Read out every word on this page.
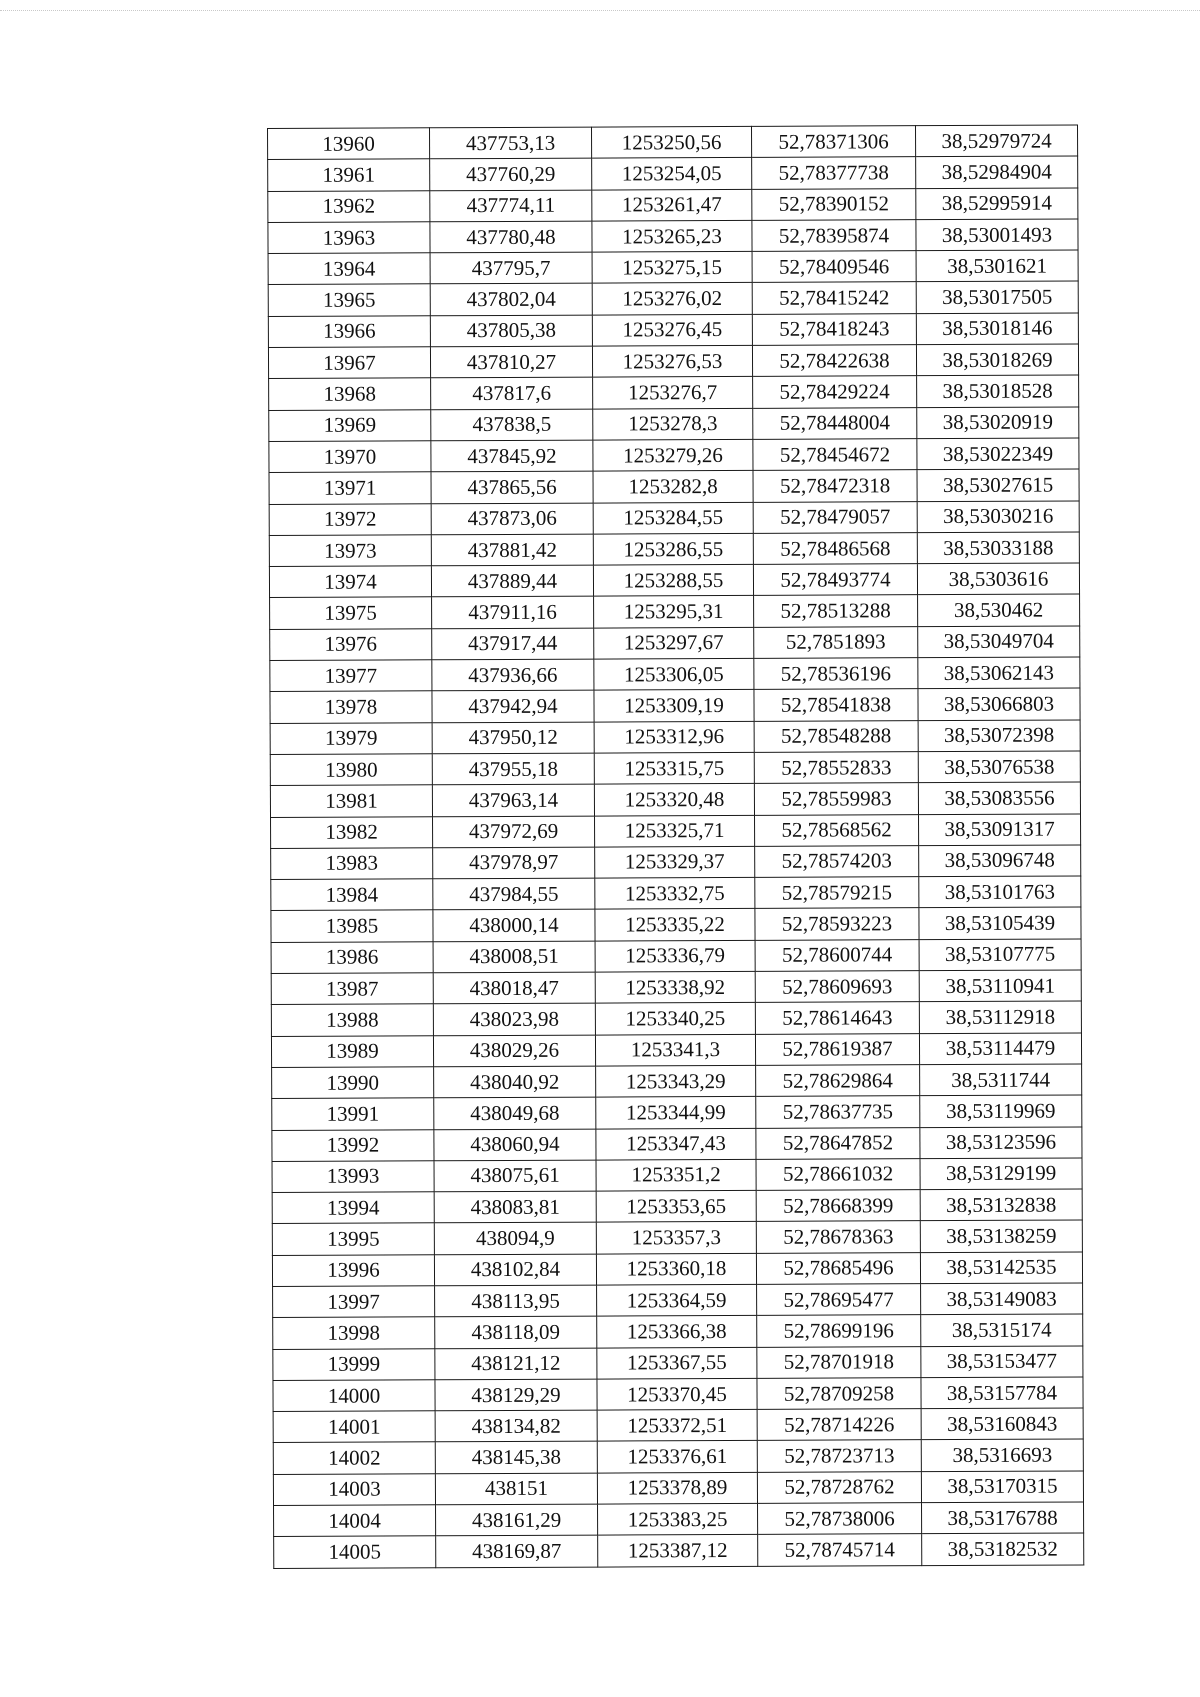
13960	437753,13	1253250,56	52,78371306	38,52979724
13961	437760,29	1253254,05	52,78377738	38,52984904
13962	437774,11	1253261,47	52,78390152	38,52995914
13963	437780,48	1253265,23	52,78395874	38,53001493
13964	437795,7	1253275,15	52,78409546	38,5301621
13965	437802,04	1253276,02	52,78415242	38,53017505
13966	437805,38	1253276,45	52,78418243	38,53018146
13967	437810,27	1253276,53	52,78422638	38,53018269
13968	437817,6	1253276,7	52,78429224	38,53018528
13969	437838,5	1253278,3	52,78448004	38,53020919
13970	437845,92	1253279,26	52,78454672	38,53022349
13971	437865,56	1253282,8	52,78472318	38,53027615
13972	437873,06	1253284,55	52,78479057	38,53030216
13973	437881,42	1253286,55	52,78486568	38,53033188
13974	437889,44	1253288,55	52,78493774	38,5303616
13975	437911,16	1253295,31	52,78513288	38,530462
13976	437917,44	1253297,67	52,7851893	38,53049704
13977	437936,66	1253306,05	52,78536196	38,53062143
13978	437942,94	1253309,19	52,78541838	38,53066803
13979	437950,12	1253312,96	52,78548288	38,53072398
13980	437955,18	1253315,75	52,78552833	38,53076538
13981	437963,14	1253320,48	52,78559983	38,53083556
13982	437972,69	1253325,71	52,78568562	38,53091317
13983	437978,97	1253329,37	52,78574203	38,53096748
13984	437984,55	1253332,75	52,78579215	38,53101763
13985	438000,14	1253335,22	52,78593223	38,53105439
13986	438008,51	1253336,79	52,78600744	38,53107775
13987	438018,47	1253338,92	52,78609693	38,53110941
13988	438023,98	1253340,25	52,78614643	38,53112918
13989	438029,26	1253341,3	52,78619387	38,53114479
13990	438040,92	1253343,29	52,78629864	38,5311744
13991	438049,68	1253344,99	52,78637735	38,53119969
13992	438060,94	1253347,43	52,78647852	38,53123596
13993	438075,61	1253351,2	52,78661032	38,53129199
13994	438083,81	1253353,65	52,78668399	38,53132838
13995	438094,9	1253357,3	52,78678363	38,53138259
13996	438102,84	1253360,18	52,78685496	38,53142535
13997	438113,95	1253364,59	52,78695477	38,53149083
13998	438118,09	1253366,38	52,78699196	38,5315174
13999	438121,12	1253367,55	52,78701918	38,53153477
14000	438129,29	1253370,45	52,78709258	38,53157784
14001	438134,82	1253372,51	52,78714226	38,53160843
14002	438145,38	1253376,61	52,78723713	38,5316693
14003	438151	1253378,89	52,78728762	38,53170315
14004	438161,29	1253383,25	52,78738006	38,53176788
14005	438169,87	1253387,12	52,78745714	38,53182532
